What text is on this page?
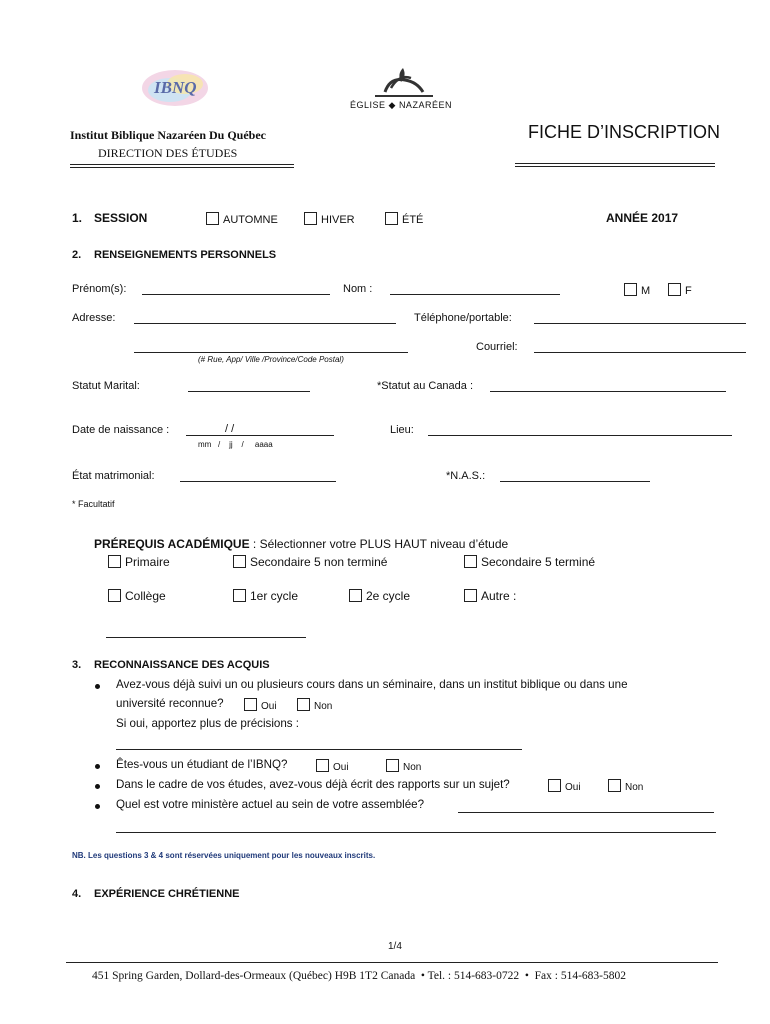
IBNQ
ÉGLISE ◆ NAZARÉEN
Institut Biblique Nazaréen Du Québec
DIRECTION DES ÉTUDES
FICHE D’INSCRIPTION
1. SESSION	AUTOMNE	HIVER	ÉTÉ	ANNÉE 2017
2. RENSEIGNEMENTS PERSONNELS
Prénom(s):	Nom :	M	F
Adresse:	Téléphone/portable:
Courriel:
(# Rue, App/ Ville /Province/Code Postal)
Statut Marital:	*Statut au Canada :
Date de naissance :	/ /
mm   /    jj    /     aaaa
Lieu:
État matrimonial:	*N.A.S.:
* Facultatif
PRÉREQUIS ACADÉMIQUE : Sélectionner votre PLUS HAUT niveau d’étude
Primaire	Secondaire 5 non terminé	Secondaire 5 terminé
Collège	1er cycle	2e cycle	Autre :
3. RECONNAISSANCE DES ACQUIS
Avez-vous déjà suivi un ou plusieurs cours dans un séminaire, dans un institut biblique ou dans une
université reconnue?	Oui	Non
Si oui, apportez plus de précisions :
Êtes-vous un étudiant de l’IBNQ?	Oui	Non
Dans le cadre de vos études, avez-vous déjà écrit des rapports sur un sujet?	Oui	Non
Quel est votre ministère actuel au sein de votre assemblée?
NB. Les questions 3 & 4 sont réservées uniquement pour les nouveaux inscrits.
4. EXPÉRIENCE CHRÉTIENNE
1/4
451 Spring Garden, Dollard-des-Ormeaux (Québec) H9B 1T2 Canada  • Tel. : 514-683-0722  •  Fax : 514-683-5802
